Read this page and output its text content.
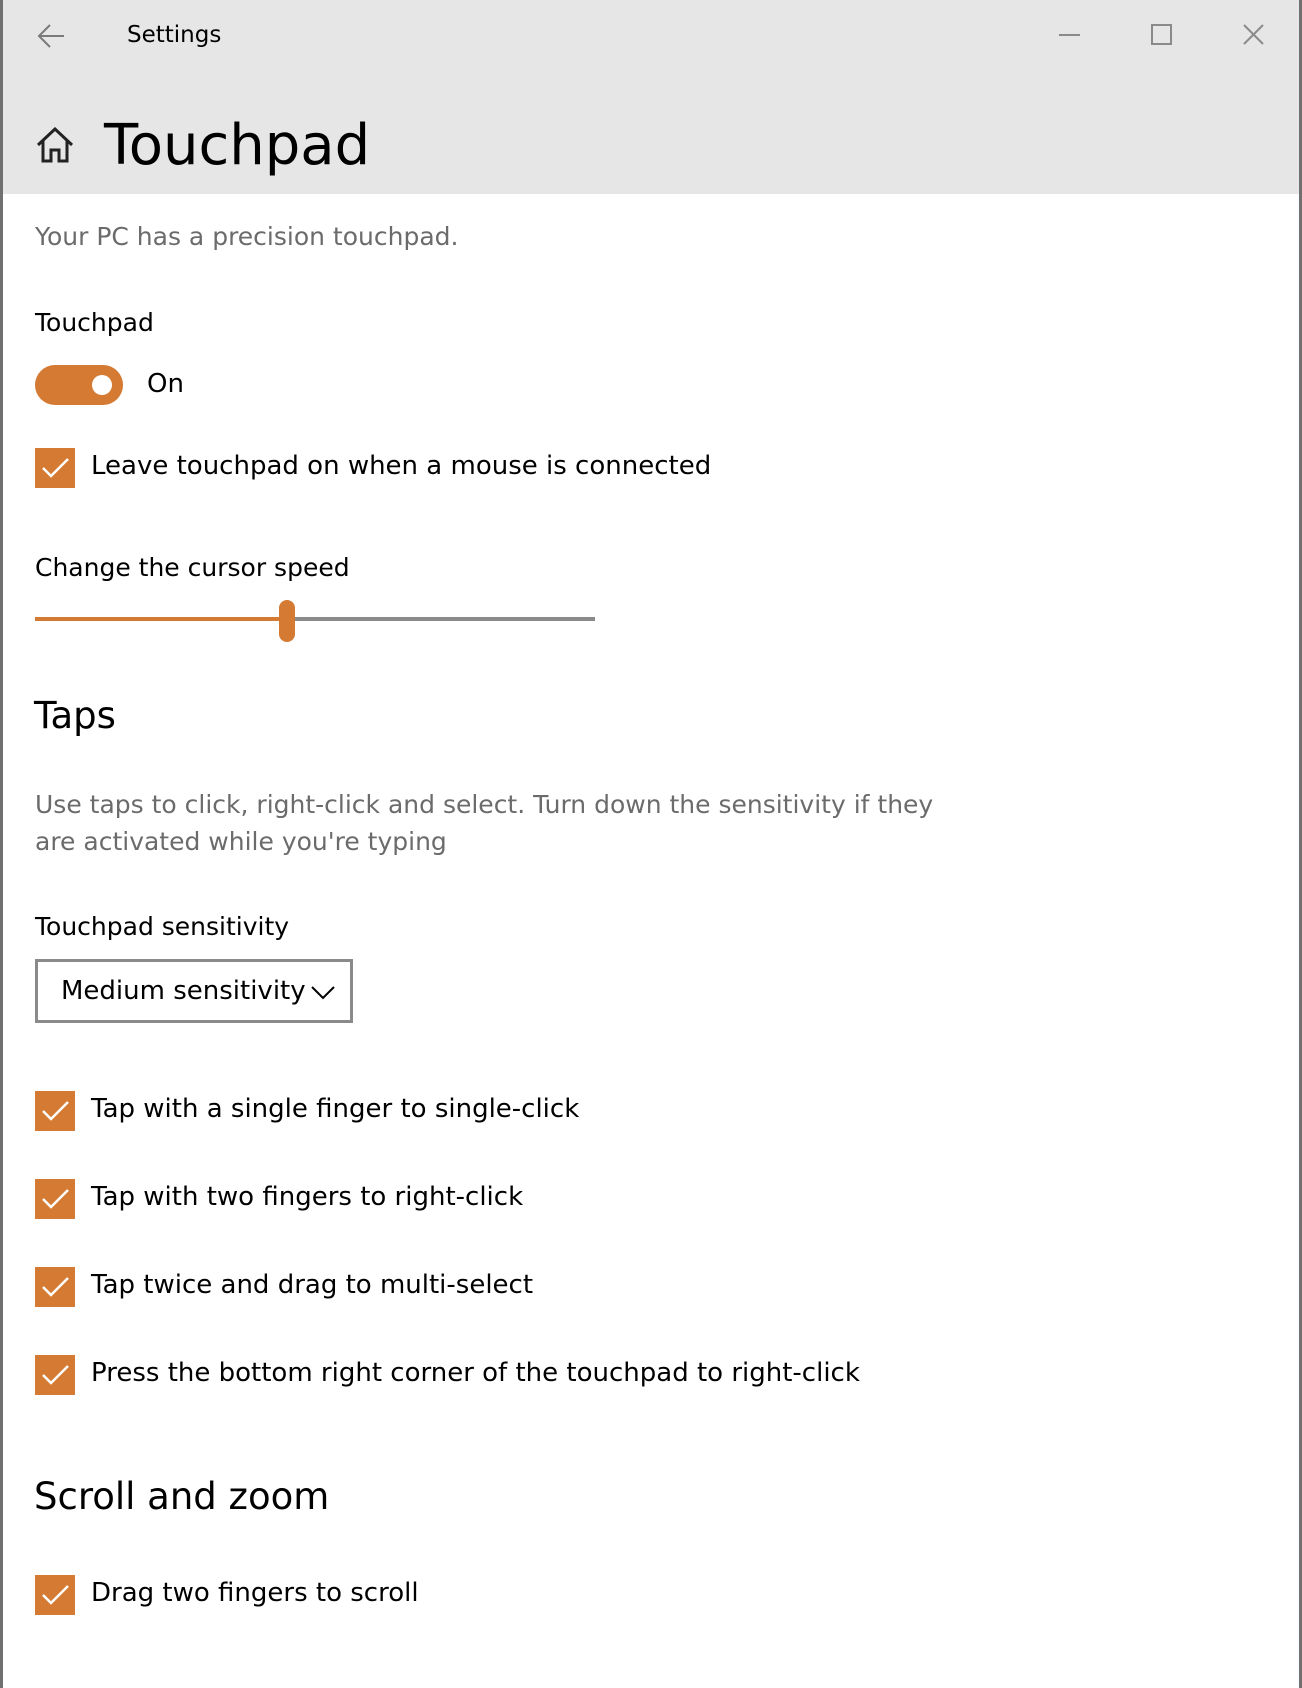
Settings
Touchpad
Your PC has a precision touchpad.
Touchpad
On
Leave touchpad on when a mouse is connected
Change the cursor speed
Taps
Use taps to click, right-click and select. Turn down the sensitivity if they are activated while you're typing
Touchpad sensitivity
Medium sensitivity
Tap with a single finger to single-click
Tap with two fingers to right-click
Tap twice and drag to multi-select
Press the bottom right corner of the touchpad to right-click
Scroll and zoom
Drag two fingers to scroll
